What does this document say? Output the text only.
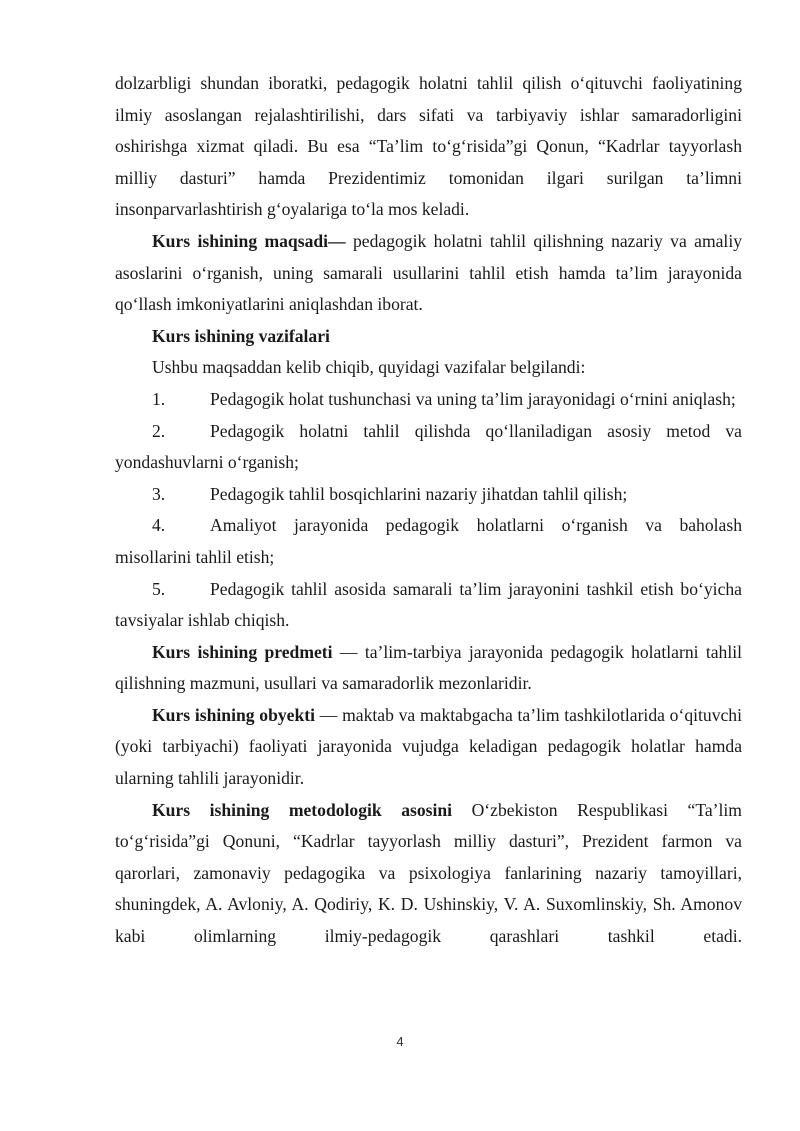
dolzarbligi shundan iboratki, pedagogik holatni tahlil qilish o‘qituvchi faoliyatining ilmiy asoslangan rejalashtirilishi, dars sifati va tarbiyaviy ishlar samaradorligini oshirishga xizmat qiladi. Bu esa “Ta’lim to‘g‘risida”gi Qonun, “Kadrlar tayyorlash milliy dasturi” hamda Prezidentimiz tomonidan ilgari surilgan ta’limni insonparvarlashtirish g‘oyalariga to‘la mos keladi.

Kurs ishining maqsadi— pedagogik holatni tahlil qilishning nazariy va amaliy asoslarini o‘rganish, uning samarali usullarini tahlil etish hamda ta’lim jarayonida qo‘llash imkoniyatlarini aniqlashdan iborat.

Kurs ishining vazifalari

Ushbu maqsaddan kelib chiqib, quyidagi vazifalar belgilandi:

1.	Pedagogik holat tushunchasi va uning ta’lim jarayonidagi o‘rnini aniqlash;

2.	Pedagogik holatni tahlil qilishda qo‘llaniladigan asosiy metod va yondashuvlarni o‘rganish;

3.	Pedagogik tahlil bosqichlarini nazariy jihatdan tahlil qilish;

4.	Amaliyot jarayonida pedagogik holatlarni o‘rganish va baholash misollarini tahlil etish;

5.	Pedagogik tahlil asosida samarali ta’lim jarayonini tashkil etish bo‘yicha tavsiyalar ishlab chiqish.

Kurs ishining predmeti — ta’lim-tarbiya jarayonida pedagogik holatlarni tahlil qilishning mazmuni, usullari va samaradorlik mezonlaridir.

Kurs ishining obyekti — maktab va maktabgacha ta’lim tashkilotlarida o‘qituvchi (yoki tarbiyachi) faoliyati jarayonida vujudga keladigan pedagogik holatlar hamda ularning tahlili jarayonidir.

Kurs ishining metodologik asosini O‘zbekiston Respublikasi “Ta’lim to‘g‘risida”gi Qonuni, “Kadrlar tayyorlash milliy dasturi”, Prezident farmon va qarorlari, zamonaviy pedagogika va psixologiya fanlarining nazariy tamoyillari, shuningdek, A. Avloniy, A. Qodiriy, K. D. Ushinskiy, V. A. Suxomlinskiy, Sh. Amonov kabi olimlarning ilmiy-pedagogik qarashlari tashkil etadi.

4
